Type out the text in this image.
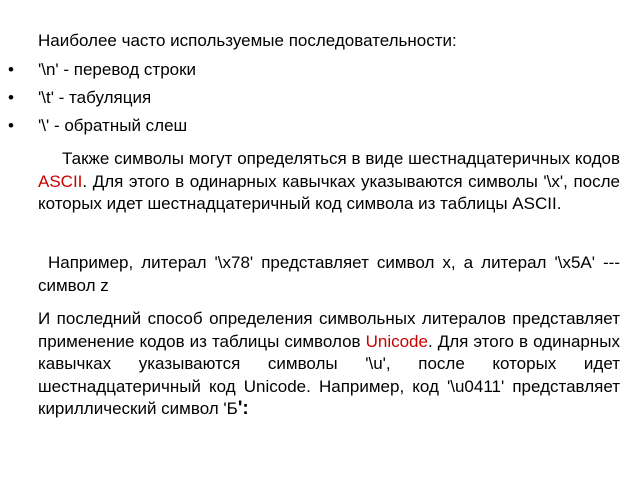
Наиболее часто используемые последовательности:
•	'\n' - перевод строки
•	'\t' - табуляция
•	'\' - обратный слеш

Также символы могут определяться в виде шестнадцатеричных кодов ASCII. Для этого в одинарных кавычках указываются символы '\x', после которых идет шестнадцатеричный код символа из таблицы ASCII.

Например, литерал '\x78' представляет символ x, а литерал '\x5A' ---символ z

И последний способ определения символьных литералов представляет применение кодов из таблицы символов Unicode. Для этого в одинарных кавычках указываются символы '\u', после которых идет шестнадцатеричный код Unicode. Например, код '\u0411' представляет кириллический символ 'Б':
